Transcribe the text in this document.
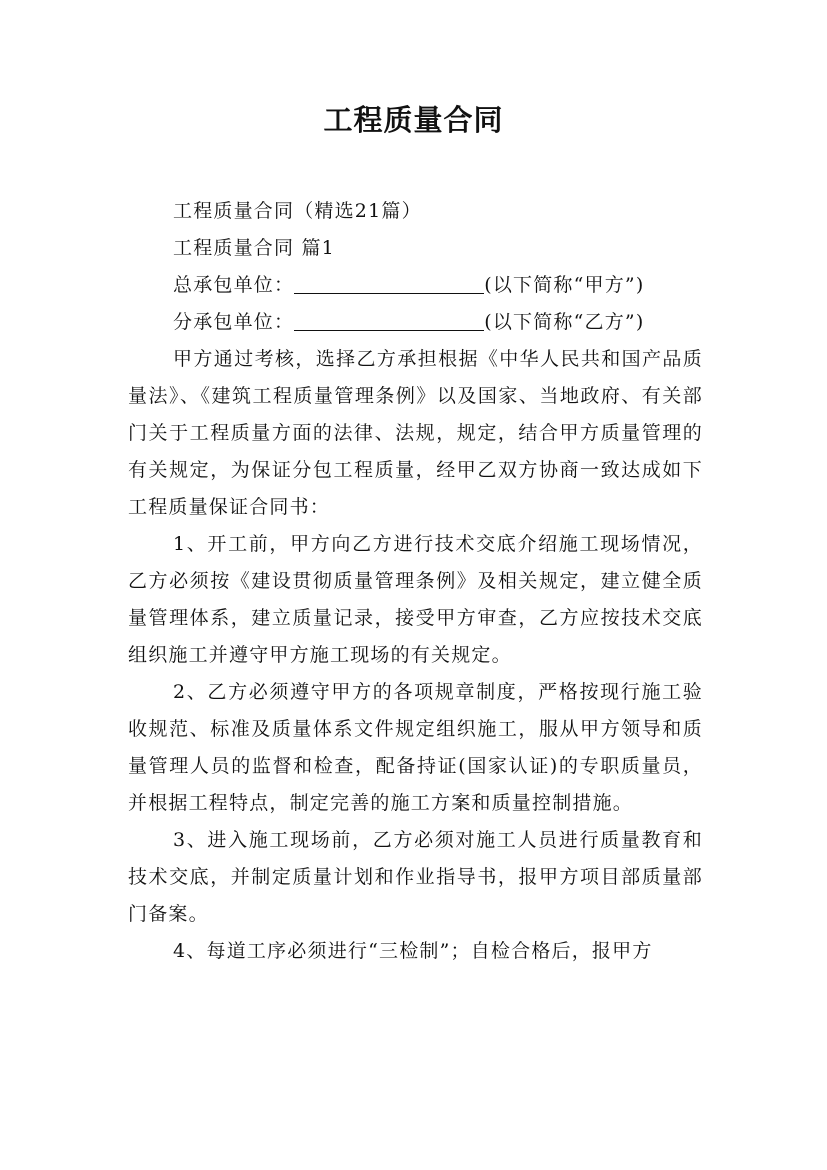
工程质量合同

工程质量合同（精选21篇）

工程质量合同 篇1

总承包单位：	(以下简称“甲方”)

分承包单位：	(以下简称“乙方”)

甲方通过考核，选择乙方承担根据《中华人民共和国产品质量法》、《建筑工程质量管理条例》以及国家、当地政府、有关部门关于工程质量方面的法律、法规，规定，结合甲方质量管理的有关规定，为保证分包工程质量，经甲乙双方协商一致达成如下工程质量保证合同书：

1、开工前，甲方向乙方进行技术交底介绍施工现场情况，乙方必须按《建设贯彻质量管理条例》及相关规定，建立健全质量管理体系，建立质量记录，接受甲方审查，乙方应按技术交底组织施工并遵守甲方施工现场的有关规定。

2、乙方必须遵守甲方的各项规章制度，严格按现行施工验收规范、标准及质量体系文件规定组织施工，服从甲方领导和质量管理人员的监督和检查，配备持证(国家认证)的专职质量员，并根据工程特点，制定完善的施工方案和质量控制措施。

3、进入施工现场前，乙方必须对施工人员进行质量教育和技术交底，并制定质量计划和作业指导书，报甲方项目部质量部门备案。

4、每道工序必须进行“三检制”；自检合格后，报甲方
